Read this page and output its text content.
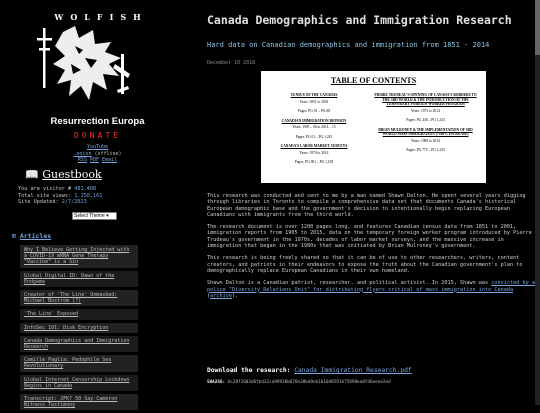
WOLFISH
Resurrection Europa
DONATE
YouTube
.onion (offline)
RSS PDF Email
📖 Guestbook
You are visitor # 481,408
Total site views: 1,150,161
Site Updated: 2/7/2023
Select Theme ▾
⊞ Articles
Why I Believe Getting Injected with a COVID-19 mRNA Gene Therapy "Vaccine" is a Sin
Global Digital ID: Dawn of the Endgame
Creator of 'The Line' Unmasked: Michael Bostrom (?)
'The Line' Exposed
InfoSec 101: Disk Encryption
Canada Demographics and Immigration Research
Camille Paglia: Pedophile Sex Revolutionary
Global Internet Censorship Lockdown Begins in Canada
Transcript: JFK? 50 Say Cameron Witness Testimony
Canada Demographics and Immigration Research
Hard data on Canadian demographics and immigration from 1851 - 2014
December 10 2018
TABLE OF CONTENTS
CENSUS OF THE CANADAS
Years: 1851 to 2001
Pages: PG 01 – PG 68
CANADIAN IMMIGRATION REPORTS
Years: 1905 – 06 to 2014 – 15
Pages: PG 01 – PG 1,243
CANADA'S LABOR MARKET SURVEYS
Years: 1970 to 2014
Pages: PG 001 – PG 1,183
PIERRE TRUDEAU'S OPENING OF CANADA'S BORDERS TO THE 3RD WORLD & THE INTRODUCTION OF THE TEMPORARY FOREIGN WORKER PROGRAM
Years: 1973 to 2014
Pages: PG 438 – PG 1,243
BRIAN MULRONEY & THE IMPLEMENTATION OF 3RD WORLD MASS IMMIGRATION (~200% INCREASE)
Years: 1988 to 2014
Pages: PG 775 – PG 1,243

This research was conducted and sent to me by a man named Shawn Dalton. He spent several years digging through libraries in Toronto to compile a comprehensive data set that documents Canada's historical European demographic base and the government's decision to intentionally begin replacing European Canadians with immigrants from the third world.

The research document is over 1200 pages long, and features Canadian census data from 1851 to 2001, immigration reports from 1905 to 2015, data on the temporary foreign worker program introduced by Pierre Trudeau's government in the 1970s, decades of labor market surveys, and the massive increase in immigration that began in the 1980s that was initiated by Brian Mulroney's government.

This research is being freely shared so that it can be of use to other researchers, writers, content creators, and patriots in their endeavors to expose the truth about the Canadian government's plan to demographically replace European Canadians in their own homeland.

Shawn Dalton is a Canadian patriot, researcher, and political activist. In 2015, Shawn was convicted by a police "Diversity Relations Unit" for distributing flyers critical of mass immigration into Canada (archive).

Download the research: Canada_Immigration_Research.pdf
SHA256: bc28f2683d6fbd32ca99930b670a38bd9eb1b1048591b75898ea8fd6eeee2ed
